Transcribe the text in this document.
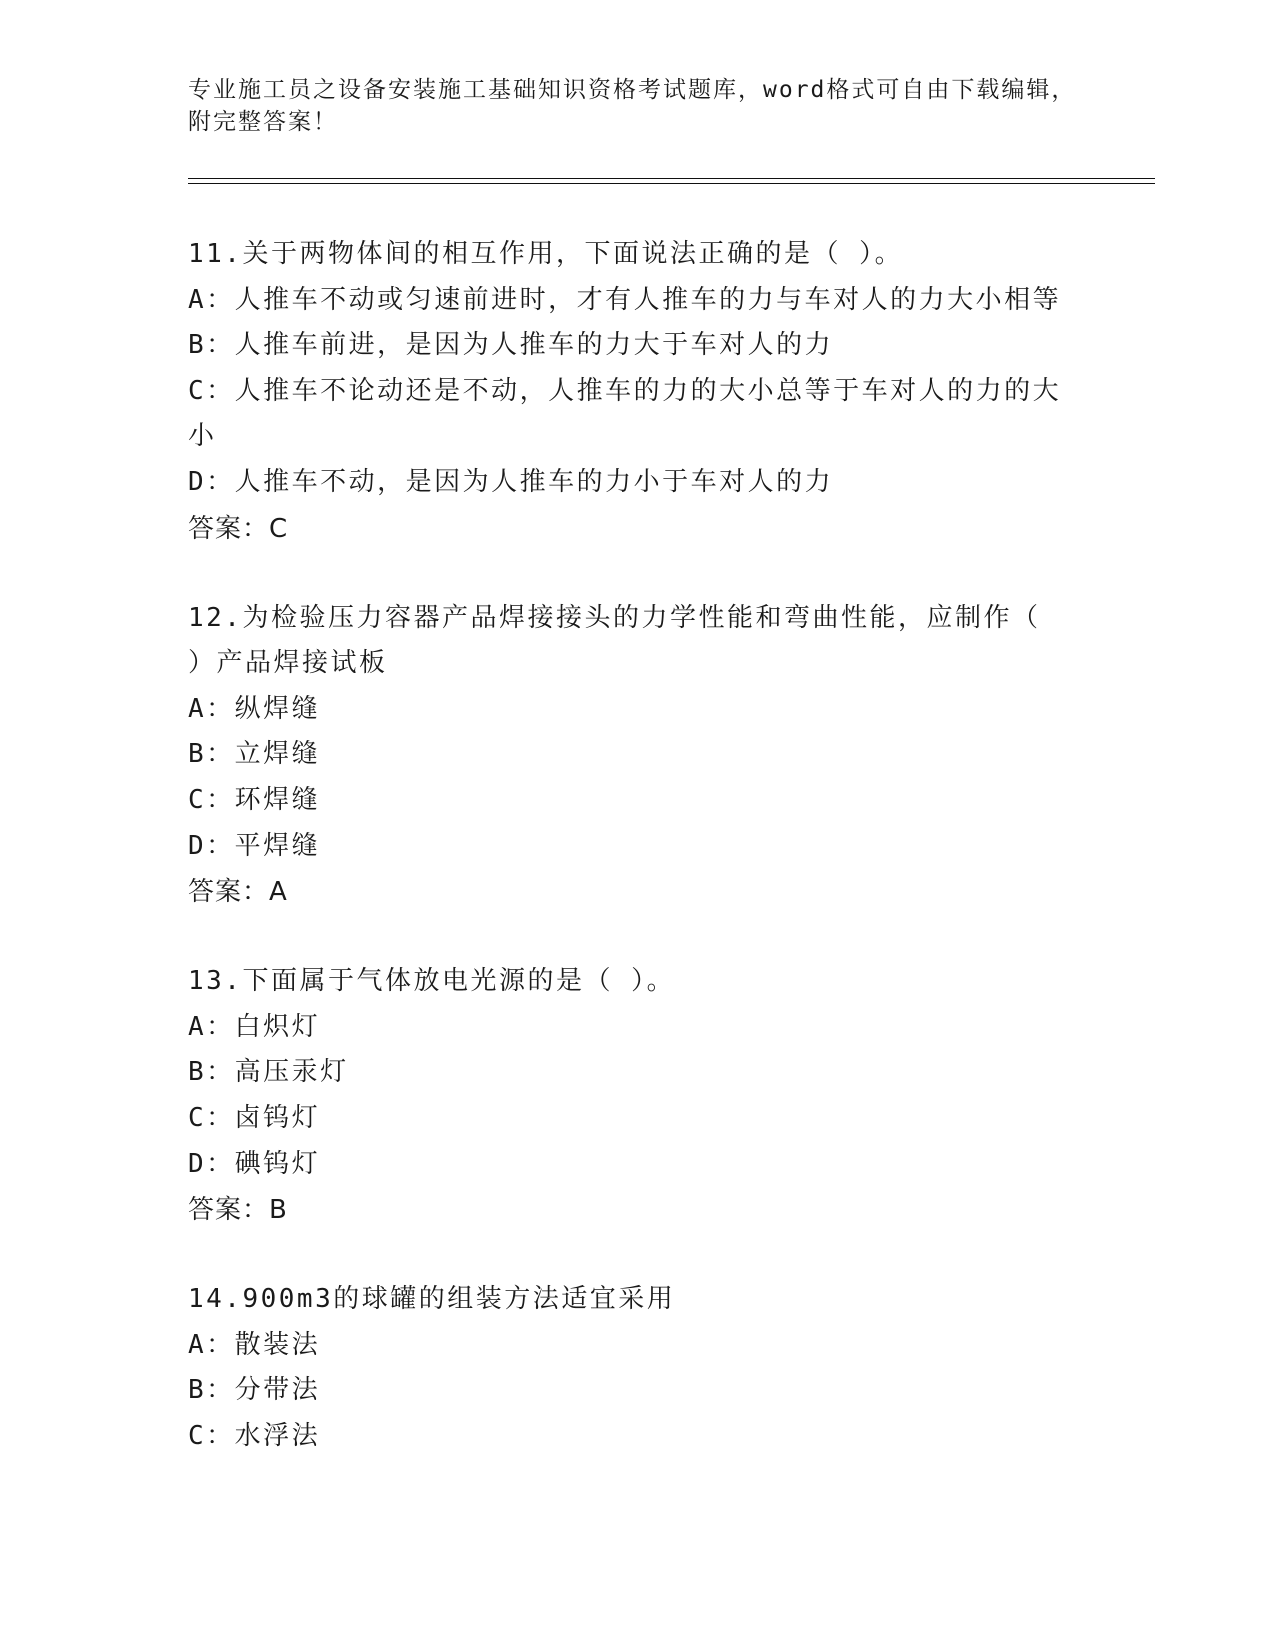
专业施工员之设备安装施工基础知识资格考试题库，word格式可自由下载编辑，
附完整答案！
11.关于两物体间的相互作用，下面说法正确的是（ ）。
A：人推车不动或匀速前进时，才有人推车的力与车对人的力大小相等
B：人推车前进，是因为人推车的力大于车对人的力
C：人推车不论动还是不动，人推车的力的大小总等于车对人的力的大
小
D：人推车不动，是因为人推车的力小于车对人的力
答案：C
12.为检验压力容器产品焊接接头的力学性能和弯曲性能，应制作（
）产品焊接试板
A：纵焊缝
B：立焊缝
C：环焊缝
D：平焊缝
答案：A
13.下面属于气体放电光源的是（ ）。
A：白炽灯
B：高压汞灯
C：卤钨灯
D：碘钨灯
答案：B
14.900m3的球罐的组装方法适宜采用
A：散装法
B：分带法
C：水浮法
